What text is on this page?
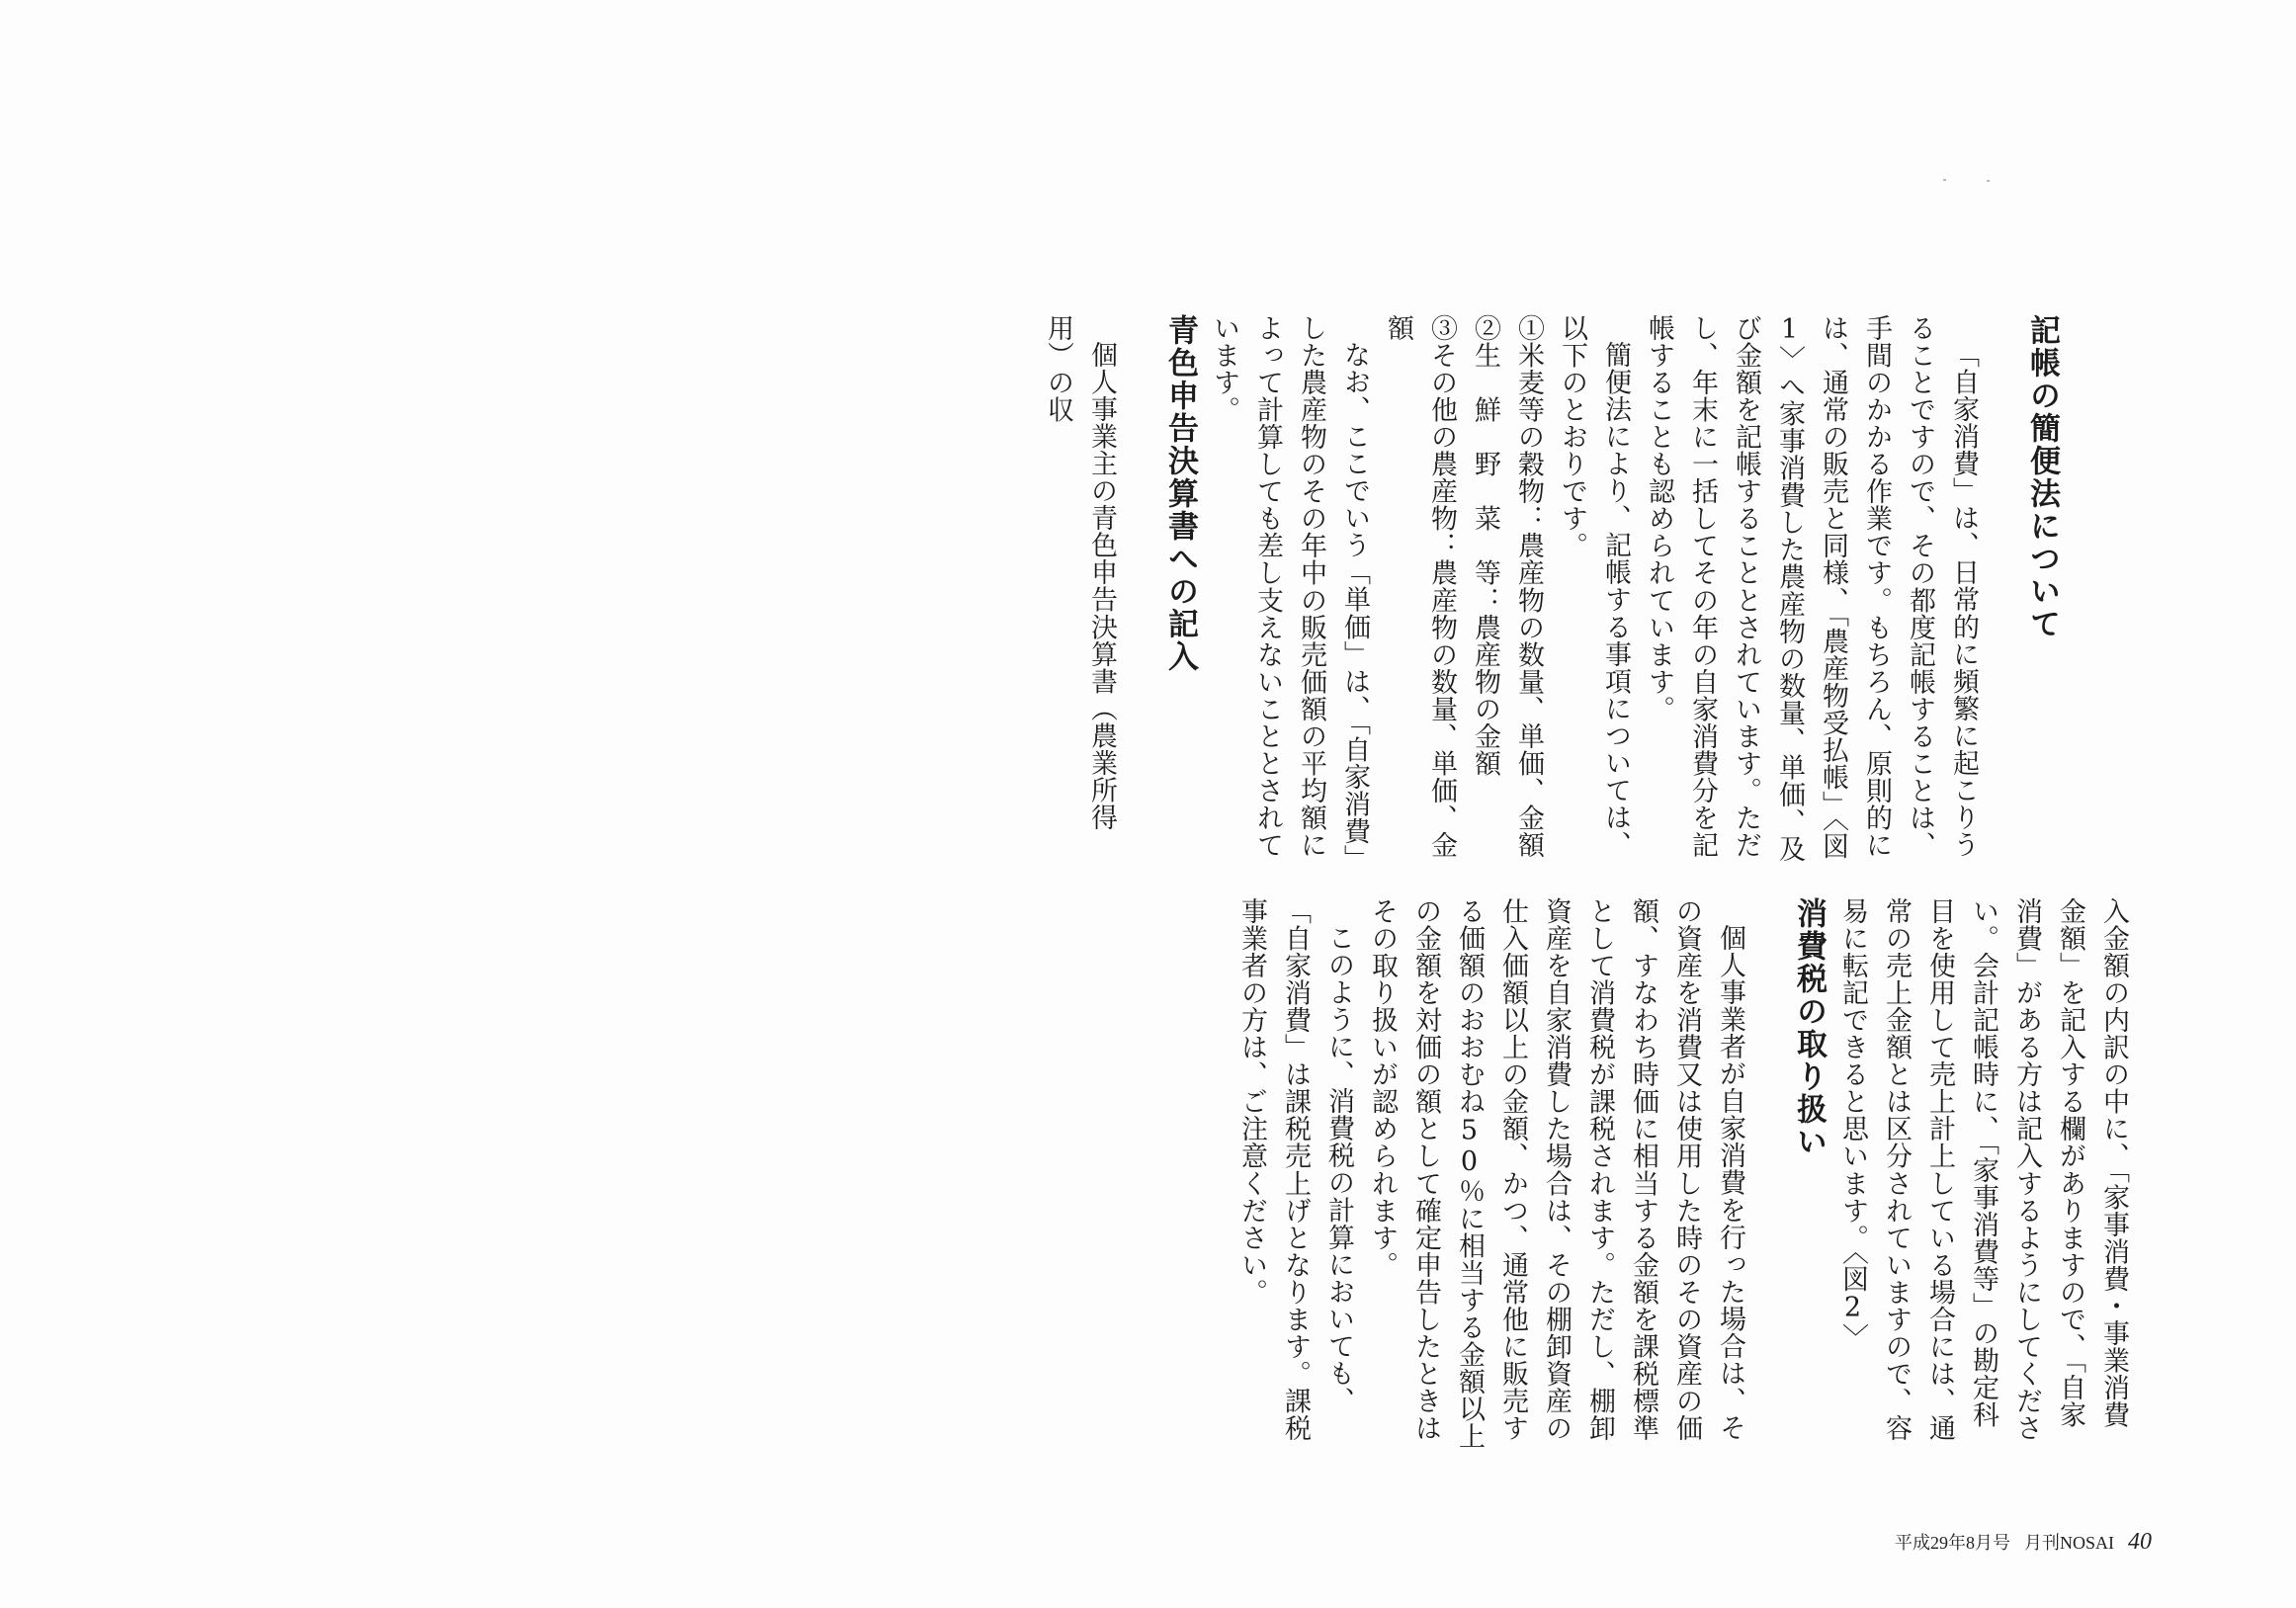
記帳の簡便法について

「自家消費」は、日常的に頻繁に起こりうることですので、その都度記帳することは、手間のかかる作業です。もちろん、原則的には、通常の販売と同様、「農産物受払帳」〈図1〉へ家事消費した農産物の数量、単価、及び金額を記帳することとされています。ただし、年末に一括してその年の自家消費分を記帳することも認められています。

簡便法により、記帳する事項については、以下のとおりです。

①米麦等の穀物：農産物の数量、単価、金額

②生　鮮　野　菜　等：農産物の金額

③その他の農産物：農産物の数量、単価、金額

なお、ここでいう「単価」は、「自家消費」した農産物のその年中の販売価額の平均額によって計算しても差し支えないこととされています。

青色申告決算書への記入

個人事業主の青色申告決算書（農業所得用）の収

入金額の内訳の中に、「家事消費・事業消費金額」を記入する欄がありますので、「自家消費」がある方は記入するようにしてください。会計記帳時に、「家事消費等」の勘定科目を使用して売上計上している場合には、通常の売上金額とは区分されていますので、容易に転記できると思います。〈図2〉

消費税の取り扱い

個人事業者が自家消費を行った場合は、その資産を消費又は使用した時のその資産の価額、すなわち時価に相当する金額を課税標準として消費税が課税されます。ただし、棚卸資産を自家消費した場合は、その棚卸資産の仕入価額以上の金額、かつ、通常他に販売する価額のおおむね50％に相当する金額以上の金額を対価の額として確定申告したときはその取り扱いが認められます。

このように、消費税の計算においても、「自家消費」は課税売上げとなります。課税事業者の方は、ご注意ください。

平成29年8月号 月刊NOSAI 40
